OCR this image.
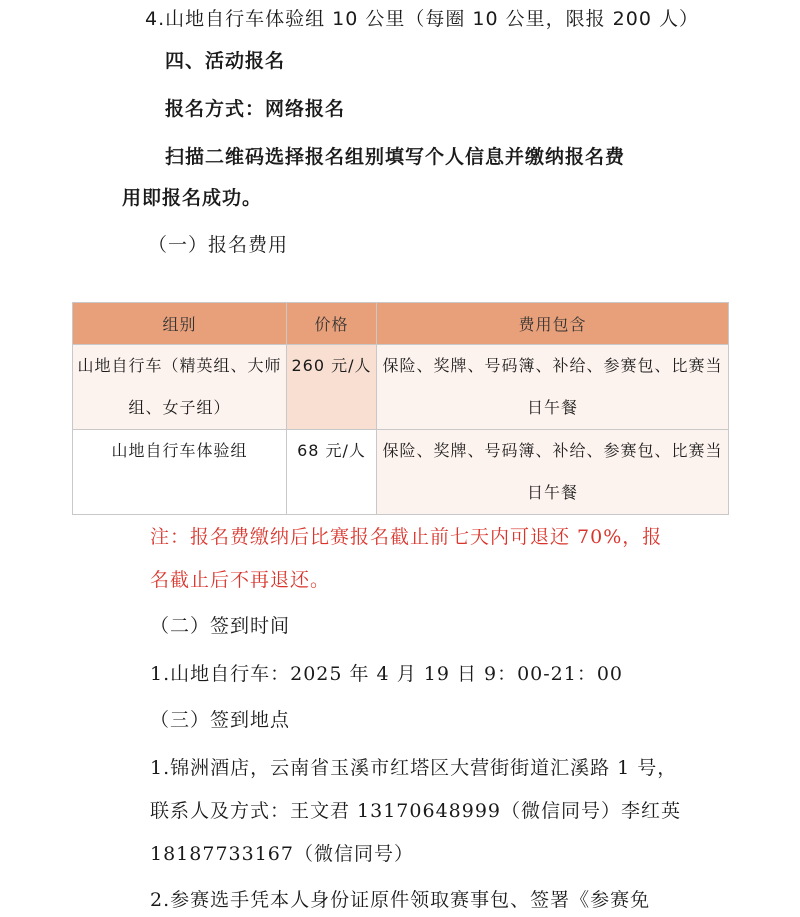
4.山地自行车体验组 10 公里（每圈 10 公里，限报 200 人）
四、活动报名
报名方式：网络报名
扫描二维码选择报名组别填写个人信息并缴纳报名费
用即报名成功。
（一）报名费用
组别	价格	费用包含
山地自行车（精英组、大师组、女子组）	260 元/人	保险、奖牌、号码簿、补给、参赛包、比赛当日午餐
山地自行车体验组	68 元/人	保险、奖牌、号码簿、补给、参赛包、比赛当日午餐
注：报名费缴纳后比赛报名截止前七天内可退还 70%，报
名截止后不再退还。
（二）签到时间
1.山地自行车：2025 年 4 月 19 日 9：00-21：00
（三）签到地点
1.锦洲酒店，云南省玉溪市红塔区大营街街道汇溪路 1 号，
联系人及方式：王文君 13170648999（微信同号）李红英
18187733167（微信同号）
2.参赛选手凭本人身份证原件领取赛事包、签署《参赛免
